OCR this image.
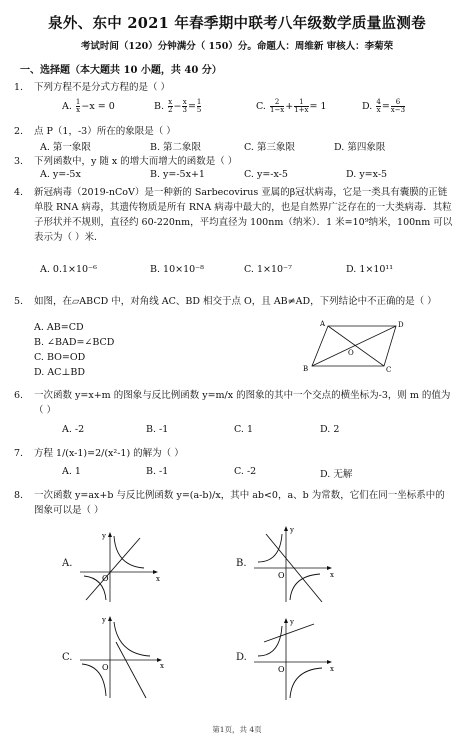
泉外、东中 2021 年春季期中联考八年级数学质量监测卷
考试时间（120）分钟满分（ 150）分。命题人：周维新 审核人：李菊荣
一、选择题（本大题共 10 小题，共 40 分）
1. 下列方程不是分式方程的是（ ）
A. $\frac{1}{x} -x = 0$	B. $\frac{x}{2} - \frac{x}{3} = \frac{1}{5}$	C. $\frac{2}{1-x} + \frac{1}{1+x} = 1$	D. $\frac{4}{x} = \frac{6}{x-3}$
2. 点 P（1，-3）所在的象限是（ ）
A. 第一象限	B. 第二象限	C. 第三象限	D. 第四象限
3. 下列函数中，y 随 x 的增大而增大的函数是（ ）
A. y=-5x	B. y=-5x+1	C. y=-x-5	D. y=x-5
4. 新冠病毒（2019-nCoV）是一种新的 Sarbecovirus 亚属的β冠状病毒，它是一类具有囊膜的正链单股 RNA 病毒，其遗传物质是所有 RNA 病毒中最大的，也是自然界广泛存在的一大类病毒．其粒子形状并不规则，直径约 60-220nm，平均直径为 100nm（纳米）．1 米=10⁹纳米，100nm 可以表示为（ ）米．
A. 0.1×10⁻⁶	B. 10×10⁻⁸	C. 1×10⁻⁷	D. 1×10¹¹
5. 如图，在▱ABCD 中，对角线 AC、BD 相交于点 O，且 AB≠AD，下列结论中不正确的是（ ）
A. AB=CD
B. ∠BAD=∠BCD
C. BO=OD
D. AC⊥BD
A	D
B	C
O
6. 一次函数 y=x+m 的图象与反比例函数 y=m/x 的图象的其中一个交点的横坐标为-3，则 m 的值为（ ）
A. -2	B. -1	C. 1	D. 2
7. 方程 1/(x-1)=2/(x²-1) 的解为（ ）
A. 1	B. -1	C. -2	D. 无解
8. 一次函数 y=ax+b 与反比例函数 y=(a-b)/x，其中 ab<0，a、b 为常数，它们在同一坐标系中的图象可以是（ ）
A.
O	x
y
B.
O	x
y
C.
O	x
y
D.
O	x
y
第1页，共 4页
